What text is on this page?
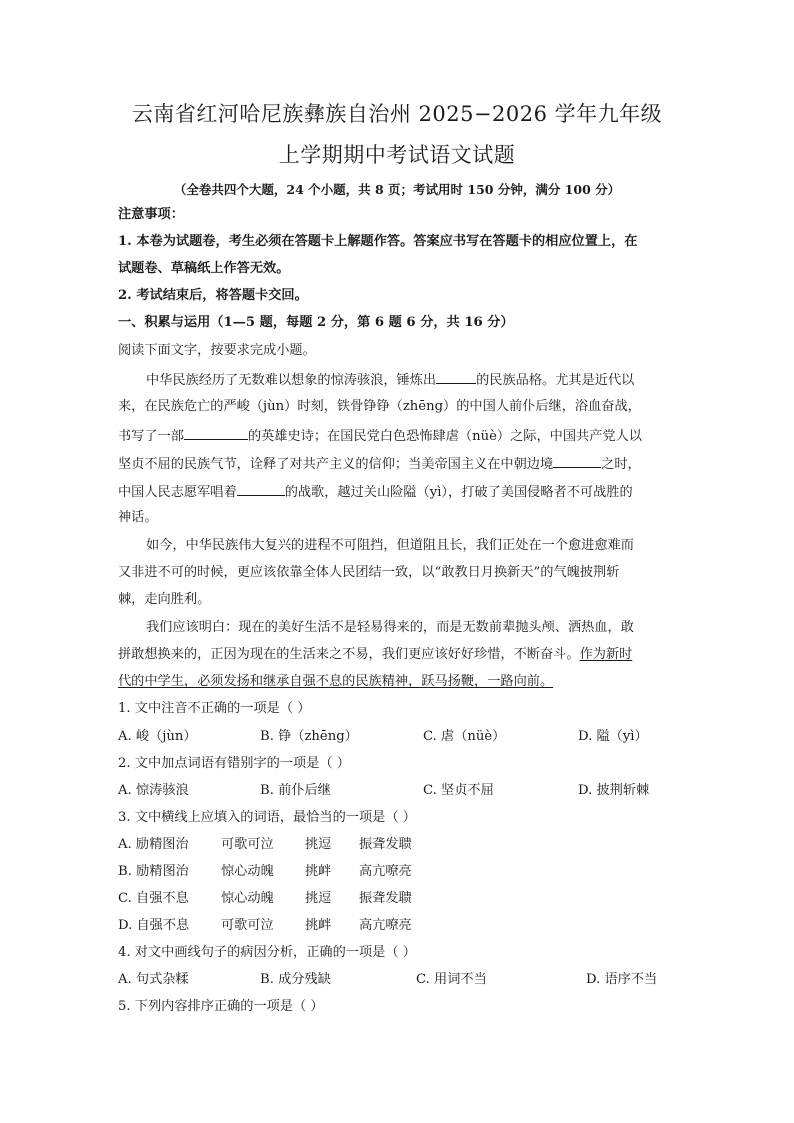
云南省红河哈尼族彝族自治州 2025−2026 学年九年级
上学期期中考试语文试题
（全卷共四个大题，24 个小题，共 8 页；考试用时 150 分钟，满分 100 分）
注意事项：
1. 本卷为试题卷，考生必须在答题卡上解题作答。答案应书写在答题卡的相应位置上，在
试题卷、草稿纸上作答无效。
2. 考试结束后，将答题卡交回。
一、积累与运用（1—5 题，每题 2 分，第 6 题 6 分，共 16 分）
阅读下面文字，按要求完成小题。
中华民族经历了无数难以想象的惊涛骇浪，锤炼出	的民族品格。尤其是近代以
来，在民族危亡的严峻（jùn）时刻，铁骨铮铮（zhēng）的中国人前仆后继，浴血奋战，
书写了一部	的英雄史诗；在国民党白色恐怖肆虐（nüè）之际，中国共产党人以
坚贞不屈的民族气节，诠释了对共产主义的信仰；当美帝国主义在中朝边境	之时，
中国人民志愿军唱着	的战歌，越过关山险隘（yì），打破了美国侵略者不可战胜的
神话。
如今，中华民族伟大复兴的进程不可阻挡，但道阻且长，我们正处在一个愈进愈难而
又非进不可的时候，更应该依靠全体人民团结一致，以“敢教日月换新天”的气魄披荆斩
棘，走向胜利。
我们应该明白：现在的美好生活不是轻易得来的，而是无数前辈抛头颅、洒热血，敢
拼敢想换来的，正因为现在的生活来之不易，我们更应该好好珍惜，不断奋斗。作为新时
代的中学生，必须发扬和继承自强不息的民族精神，跃马扬鞭，一路向前。
1. 文中注音不正确的一项是（ ）
A. 峻（jùn）	B. 铮（zhēng）	C. 虐（nüè）	D. 隘（yì）
2. 文中加点词语有错别字的一项是（ ）
A. 惊涛骇浪	B. 前仆后继	C. 坚贞不屈	D. 披荆斩棘
3. 文中横线上应填入的词语，最恰当的一项是（ ）
A. 励精图治 可歌可泣 挑逗 振聋发聩
B. 励精图治 惊心动魄 挑衅 高亢嘹亮
C. 自强不息 惊心动魄 挑逗 振聋发聩
D. 自强不息 可歌可泣 挑衅 高亢嘹亮
4. 对文中画线句子的病因分析，正确的一项是（ ）
A. 句式杂糅	B. 成分残缺	C. 用词不当	D. 语序不当
5. 下列内容排序正确的一项是（ ）
